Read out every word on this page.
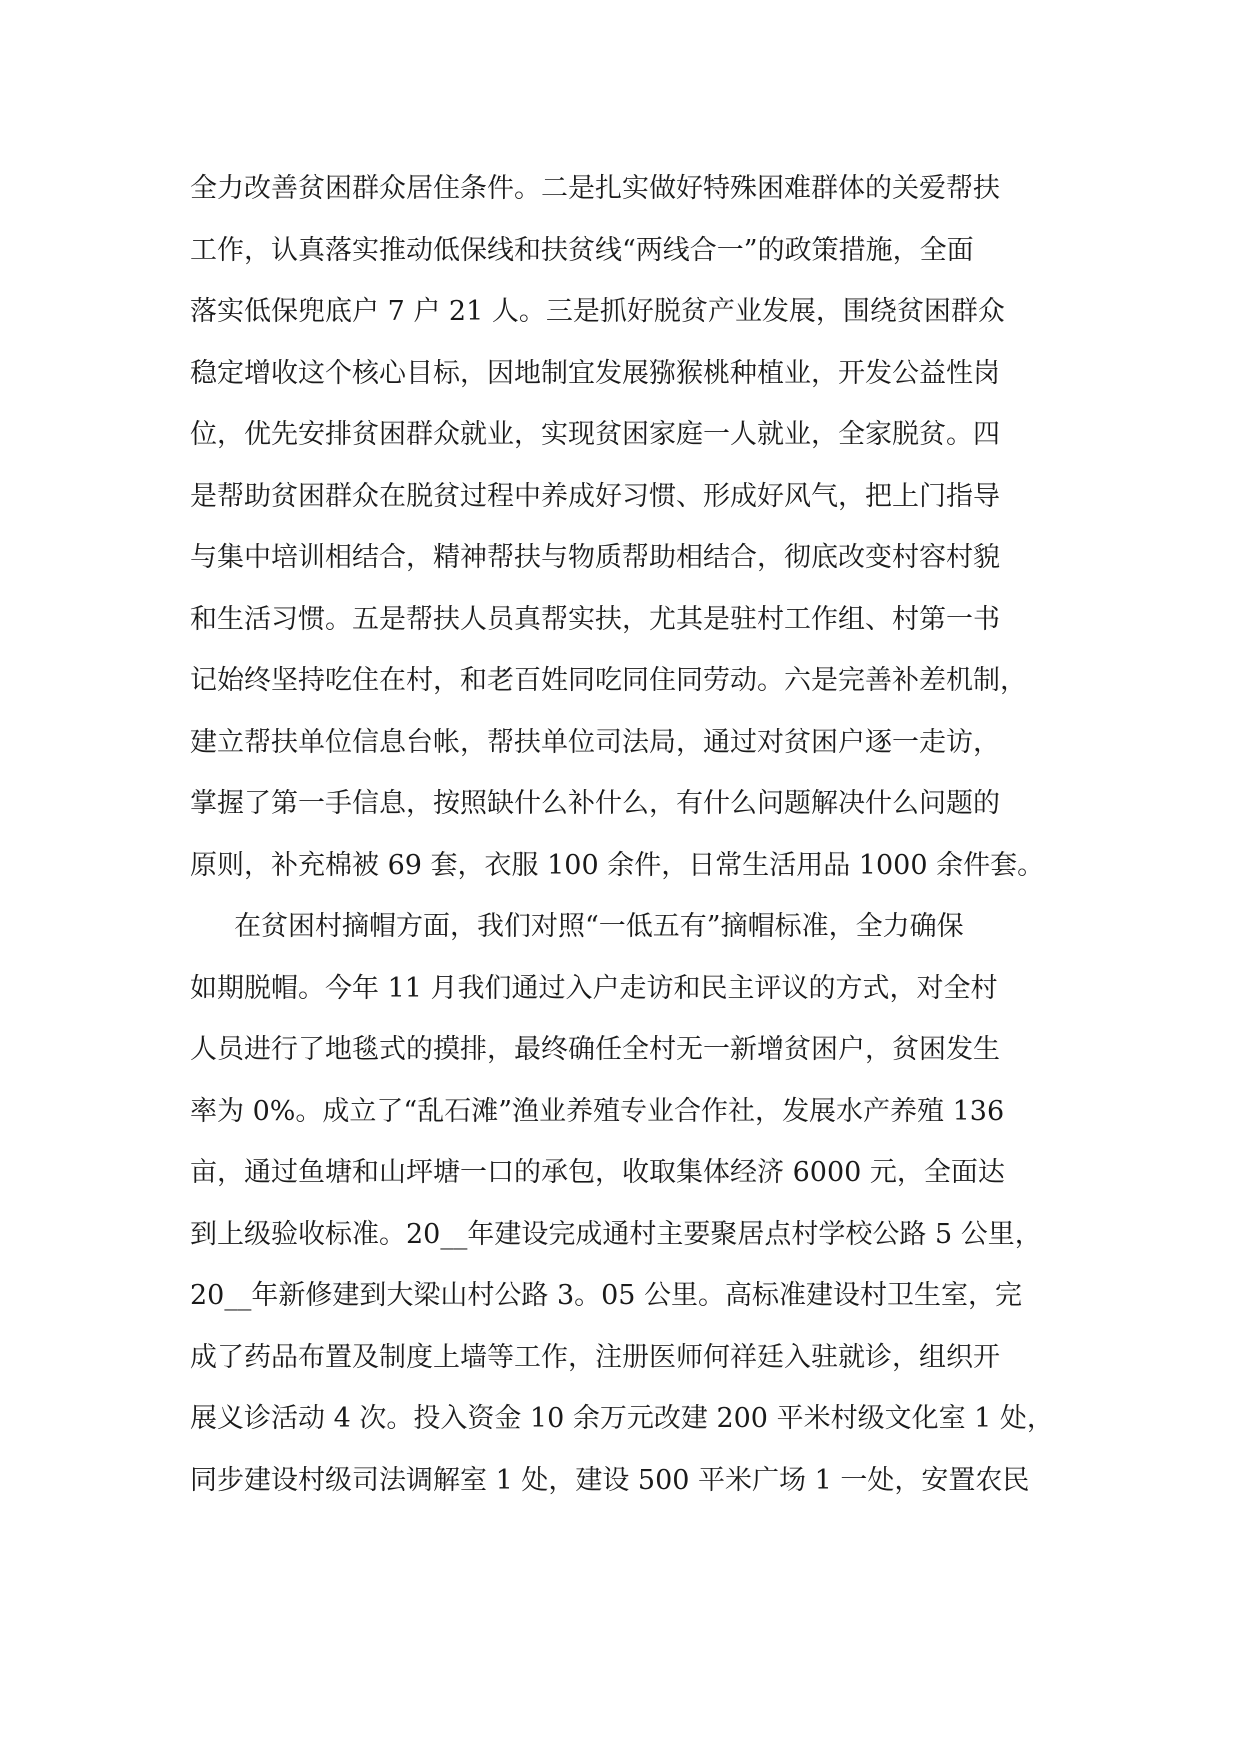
全力改善贫困群众居住条件。二是扎实做好特殊困难群体的关爱帮扶
工作，认真落实推动低保线和扶贫线“两线合一”的政策措施，全面
落实低保兜底户 7 户 21 人。三是抓好脱贫产业发展，围绕贫困群众
稳定增收这个核心目标，因地制宜发展猕猴桃种植业，开发公益性岗
位，优先安排贫困群众就业，实现贫困家庭一人就业，全家脱贫。四
是帮助贫困群众在脱贫过程中养成好习惯、形成好风气，把上门指导
与集中培训相结合，精神帮扶与物质帮助相结合，彻底改变村容村貌
和生活习惯。五是帮扶人员真帮实扶，尤其是驻村工作组、村第一书
记始终坚持吃住在村，和老百姓同吃同住同劳动。六是完善补差机制，
建立帮扶单位信息台帐，帮扶单位司法局，通过对贫困户逐一走访，
掌握了第一手信息，按照缺什么补什么，有什么问题解决什么问题的
原则，补充棉被 69 套，衣服 100 余件，日常生活用品 1000 余件套。
在贫困村摘帽方面，我们对照“一低五有”摘帽标准，全力确保
如期脱帽。今年 11 月我们通过入户走访和民主评议的方式，对全村
人员进行了地毯式的摸排，最终确任全村无一新增贫困户，贫困发生
率为 0%。成立了“乱石滩”渔业养殖专业合作社，发展水产养殖 136
亩，通过鱼塘和山坪塘一口的承包，收取集体经济 6000 元，全面达
到上级验收标准。20__年建设完成通村主要聚居点村学校公路 5 公里，
20__年新修建到大梁山村公路 3。05 公里。高标准建设村卫生室，完
成了药品布置及制度上墙等工作，注册医师何祥廷入驻就诊，组织开
展义诊活动 4 次。投入资金 10 余万元改建 200 平米村级文化室 1 处，
同步建设村级司法调解室 1 处，建设 500 平米广场 1 一处，安置农民
